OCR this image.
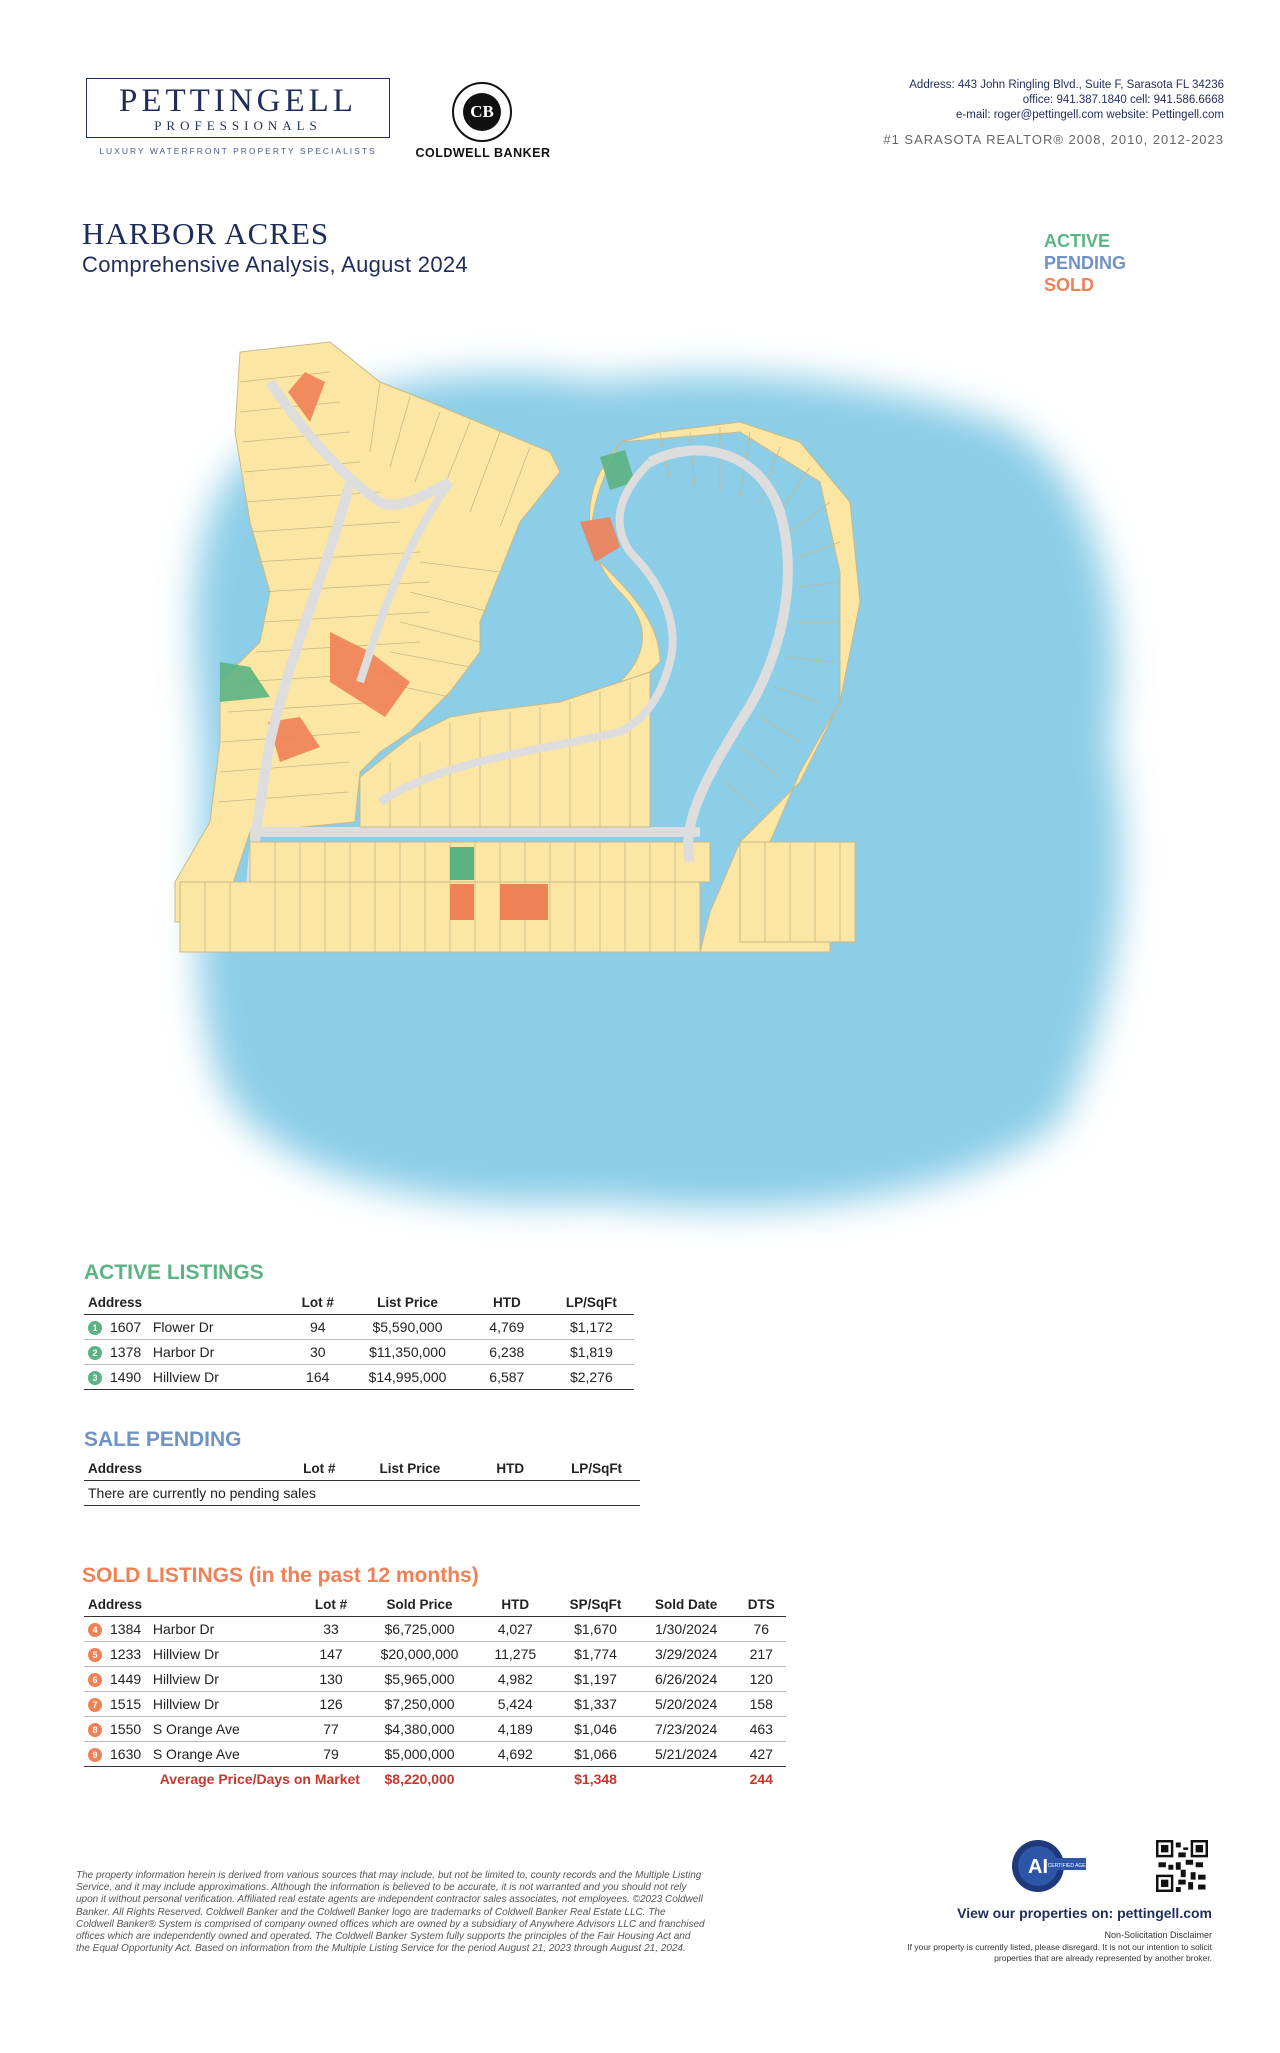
PETTINGELL
PROFESSIONALS
LUXURY WATERFRONT PROPERTY SPECIALISTS
CB
COLDWELL BANKER
Address: 443 John Ringling Blvd., Suite F, Sarasota FL 34236
office: 941.387.1840 cell: 941.586.6668
e-mail: roger@pettingell.com website: Pettingell.com
#1 SARASOTA REALTOR® 2008, 2010, 2012-2023
HARBOR ACRES
Comprehensive Analysis, August 2024
ACTIVE
PENDING
SOLD
ACTIVE LISTINGS
Address	Lot #	List Price	HTD	LP/SqFt
1 1607 Flower Dr	94	$5,590,000	4,769	$1,172
2 1378 Harbor Dr	30	$11,350,000	6,238	$1,819
3 1490 Hillview Dr	164	$14,995,000	6,587	$2,276
SALE PENDING
Address	Lot #	List Price	HTD	LP/SqFt
There are currently no pending sales
SOLD LISTINGS (in the past 12 months)
Address	Lot #	Sold Price	HTD	SP/SqFt	Sold Date	DTS
4 1384 Harbor Dr	33	$6,725,000	4,027	$1,670	1/30/2024	76
5 1233 Hillview Dr	147	$20,000,000	11,275	$1,774	3/29/2024	217
6 1449 Hillview Dr	130	$5,965,000	4,982	$1,197	6/26/2024	120
7 1515 Hillview Dr	126	$7,250,000	5,424	$1,337	5/20/2024	158
8 1550 S Orange Ave	77	$4,380,000	4,189	$1,046	7/23/2024	463
9 1630 S Orange Ave	79	$5,000,000	4,692	$1,066	5/21/2024	427
Average Price/Days on Market		$8,220,000		$1,348		244
The property information herein is derived from various sources that may include, but not be limited to, county records and the Multiple Listing Service, and it may include approximations. Although the information is believed to be accurate, it is not warranted and you should not rely upon it without personal verification. Affiliated real estate agents are independent contractor sales associates, not employees. ©2023 Coldwell Banker. All Rights Reserved. Coldwell Banker and the Coldwell Banker logo are trademarks of Coldwell Banker Real Estate LLC. The Coldwell Banker® System is comprised of company owned offices which are owned by a subsidiary of Anywhere Advisors LLC and franchised offices which are independently owned and operated. The Coldwell Banker System fully supports the principles of the Fair Housing Act and the Equal Opportunity Act. Based on information from the Multiple Listing Service for the period August 21, 2023 through August 21, 2024.
AI CERTIFIED AGENT
View our properties on: pettingell.com
Non-Solicitation Disclaimer
If your property is currently listed, please disregard. It is not our intention to solicit properties that are already represented by another broker.
